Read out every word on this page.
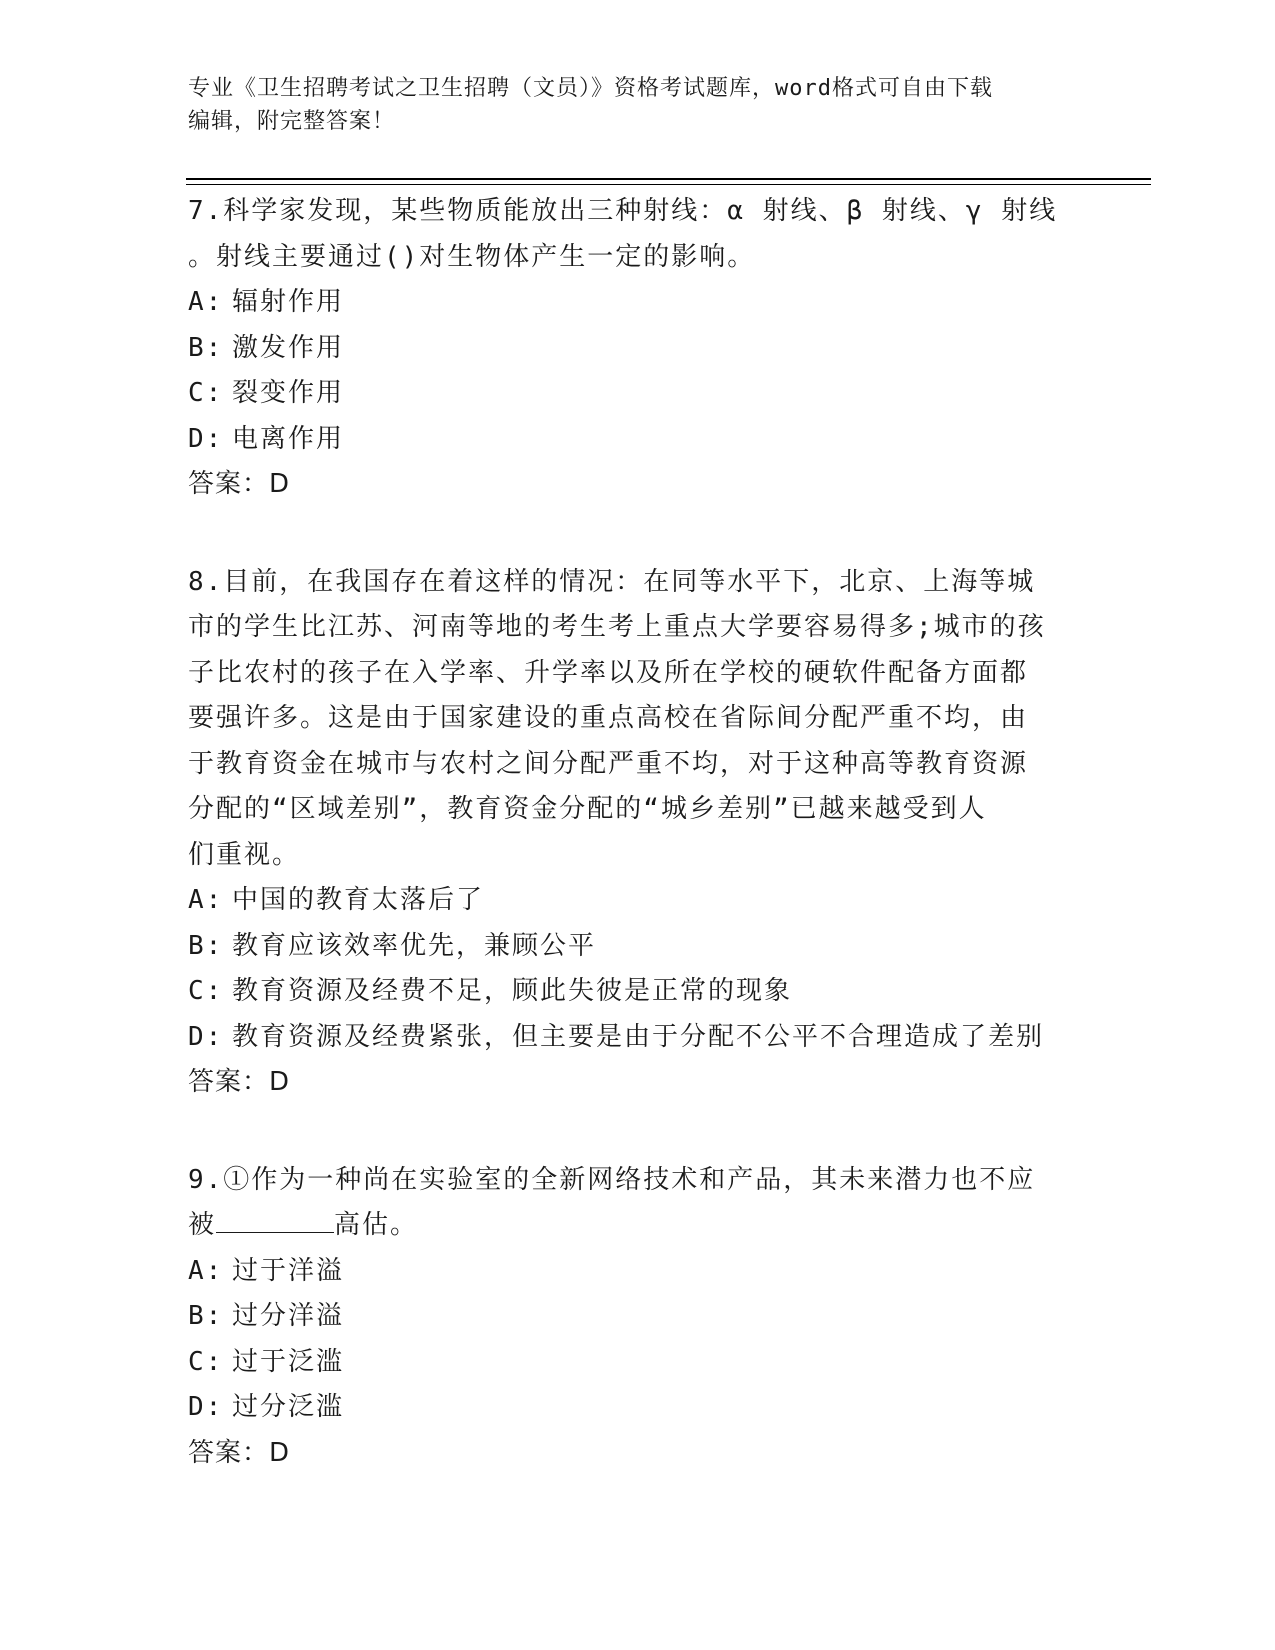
专业《卫生招聘考试之卫生招聘（文员）》资格考试题库，word格式可自由下载
编辑，附完整答案！

7.科学家发现，某些物质能放出三种射线：α 射线、β 射线、γ 射线

。射线主要通过()对生物体产生一定的影响。

A: 辐射作用

B: 激发作用

C: 裂变作用

D: 电离作用

答案：D

8.目前，在我国存在着这样的情况：在同等水平下，北京、上海等城

市的学生比江苏、河南等地的考生考上重点大学要容易得多;城市的孩

子比农村的孩子在入学率、升学率以及所在学校的硬软件配备方面都

要强许多。这是由于国家建设的重点高校在省际间分配严重不均，由

于教育资金在城市与农村之间分配严重不均，对于这种高等教育资源

分配的“区域差别”，教育资金分配的“城乡差别”已越来越受到人

们重视。

A: 中国的教育太落后了

B: 教育应该效率优先，兼顾公平

C: 教育资源及经费不足，顾此失彼是正常的现象

D: 教育资源及经费紧张，但主要是由于分配不公平不合理造成了差别

答案：D

9.①作为一种尚在实验室的全新网络技术和产品，其未来潜力也不应

被	高估。

A: 过于洋溢

B: 过分洋溢

C: 过于泛滥

D: 过分泛滥

答案：D
